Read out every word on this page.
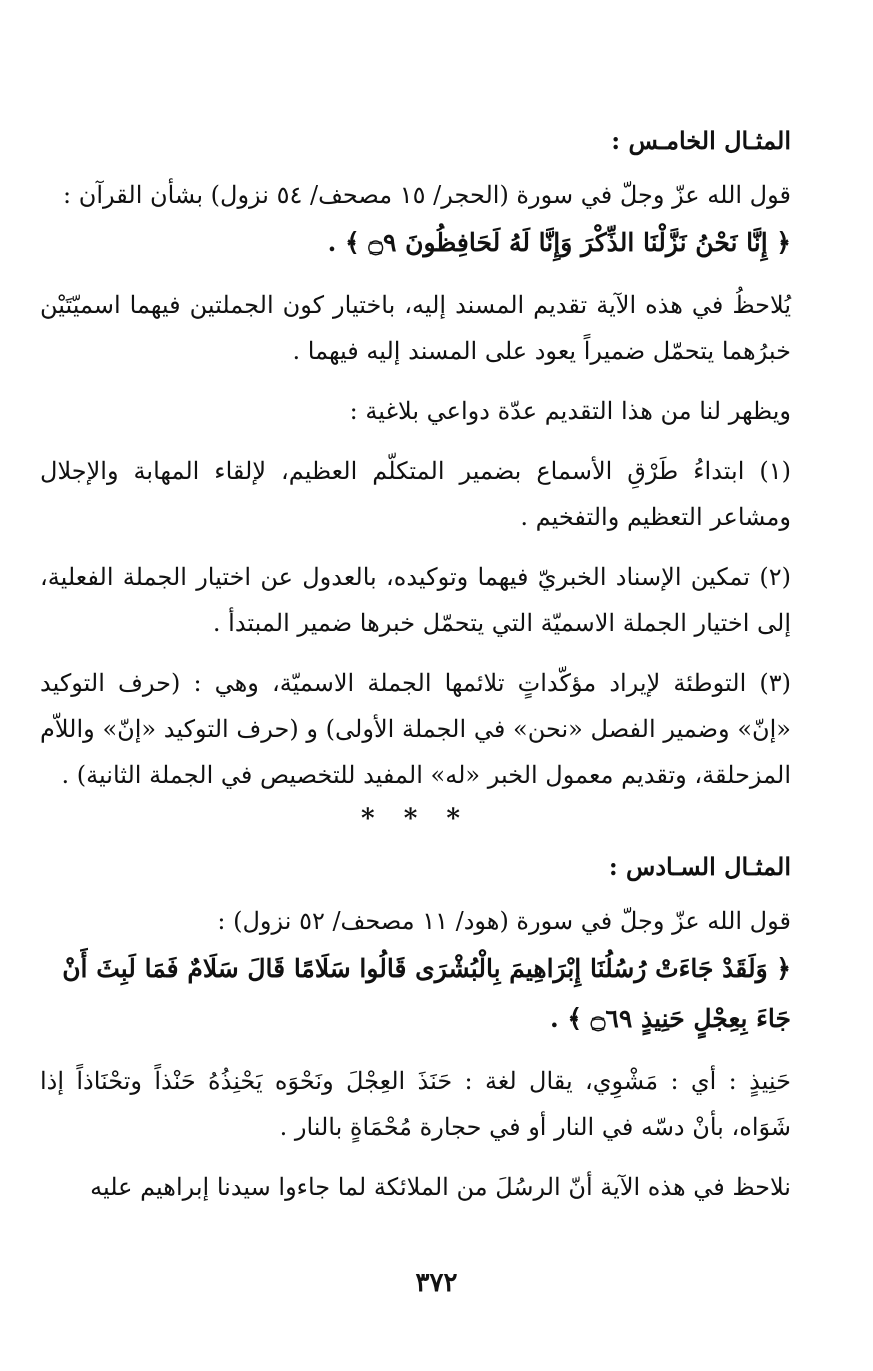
المثـال الخامـس :

قول الله عزّ وجلّ في سورة (الحجر/ ١٥ مصحف/ ٥٤ نزول) بشأن القرآن :

﴿ إِنَّا نَحْنُ نَزَّلْنَا الذِّكْرَ وَإِنَّا لَهُ لَحَافِظُونَ ۝٩ ﴾ .

يُلاحظُ في هذه الآية تقديم المسند إليه، باختيار كون الجملتين فيهما اسميّتَيْن خبرُهما يتحمّل ضميراً يعود على المسند إليه فيهما .

ويظهر لنا من هذا التقديم عدّة دواعي بلاغية :

(١) ابتداءُ طَرْقِ الأسماع بضمير المتكلّم العظيم، لإلقاء المهابة والإجلال ومشاعر التعظيم والتفخيم .

(٢) تمكين الإسناد الخبريّ فيهما وتوكيده، بالعدول عن اختيار الجملة الفعلية، إلى اختيار الجملة الاسميّة التي يتحمّل خبرها ضمير المبتدأ .

(٣) التوطئة لإيراد مؤكّداتٍ تلائمها الجملة الاسميّة، وهي : (حرف التوكيد «إنّ» وضمير الفصل «نحن» في الجملة الأولى) و (حرف التوكيد «إنّ» واللاّم المزحلقة، وتقديم معمول الخبر «له» المفيد للتخصيص في الجملة الثانية) .

* * *
المثـال السـادس :

قول الله عزّ وجلّ في سورة (هود/ ١١ مصحف/ ٥٢ نزول) :

﴿ وَلَقَدْ جَاءَتْ رُسُلُنَا إِبْرَاهِيمَ بِالْبُشْرَى قَالُوا سَلَامًا قَالَ سَلَامٌ فَمَا لَبِثَ أَنْ جَاءَ بِعِجْلٍ حَنِيذٍ ۝٦٩ ﴾ .

حَنِيذٍ : أي : مَشْوِي، يقال لغة : حَنَذَ العِجْلَ ونَحْوَه يَحْنِذُهُ حَنْذاً وتحْنَاذاً إذا شَوَاه، بأنْ دسّه في النار أو في حجارة مُحْمَاةٍ بالنار .

نلاحظ في هذه الآية أنّ الرسُلَ من الملائكة لما جاءوا سيدنا إبراهيم عليه

٣٧٢
